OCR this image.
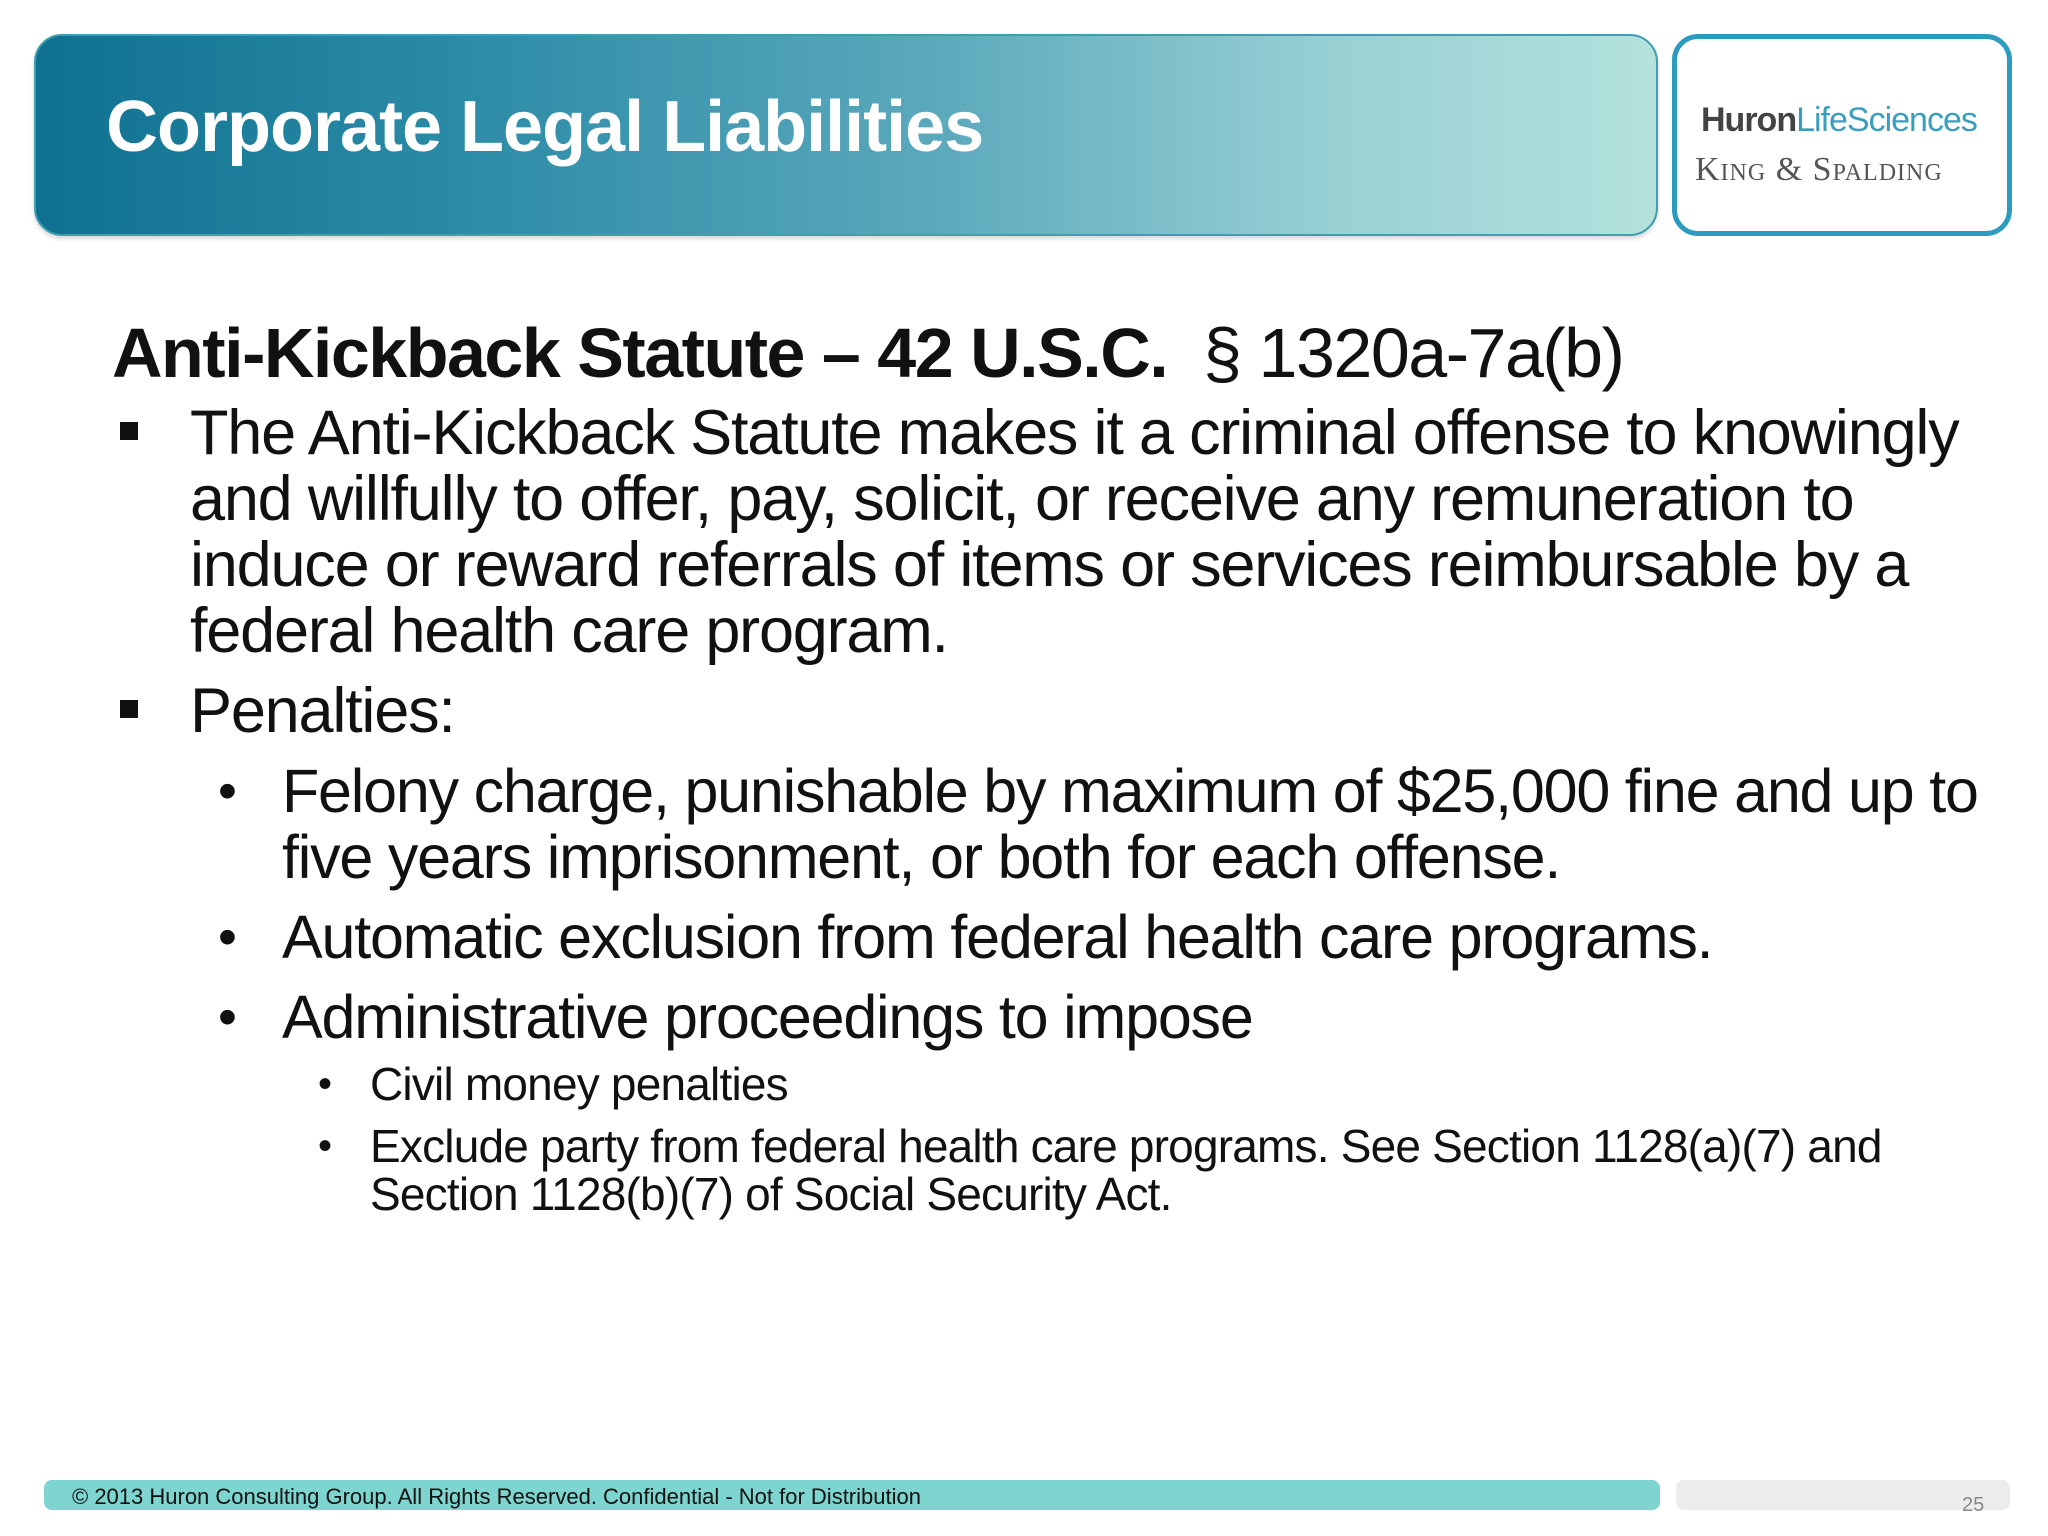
Corporate Legal Liabilities	HuronLifeSciences
King & Spalding
Anti-Kickback Statute – 42 U.S.C. § 1320a-7a(b)
The Anti-Kickback Statute makes it a criminal offense to knowingly and willfully to offer, pay, solicit, or receive any remuneration to induce or reward referrals of items or services reimbursable by a federal health care program.
Penalties:
• Felony charge, punishable by maximum of $25,000 fine and up to five years imprisonment, or both for each offense.
• Automatic exclusion from federal health care programs.
• Administrative proceedings to impose
• Civil money penalties
• Exclude party from federal health care programs. See Section 1128(a)(7) and Section 1128(b)(7) of Social Security Act.
© 2013 Huron Consulting Group. All Rights Reserved. Confidential - Not for Distribution	25
